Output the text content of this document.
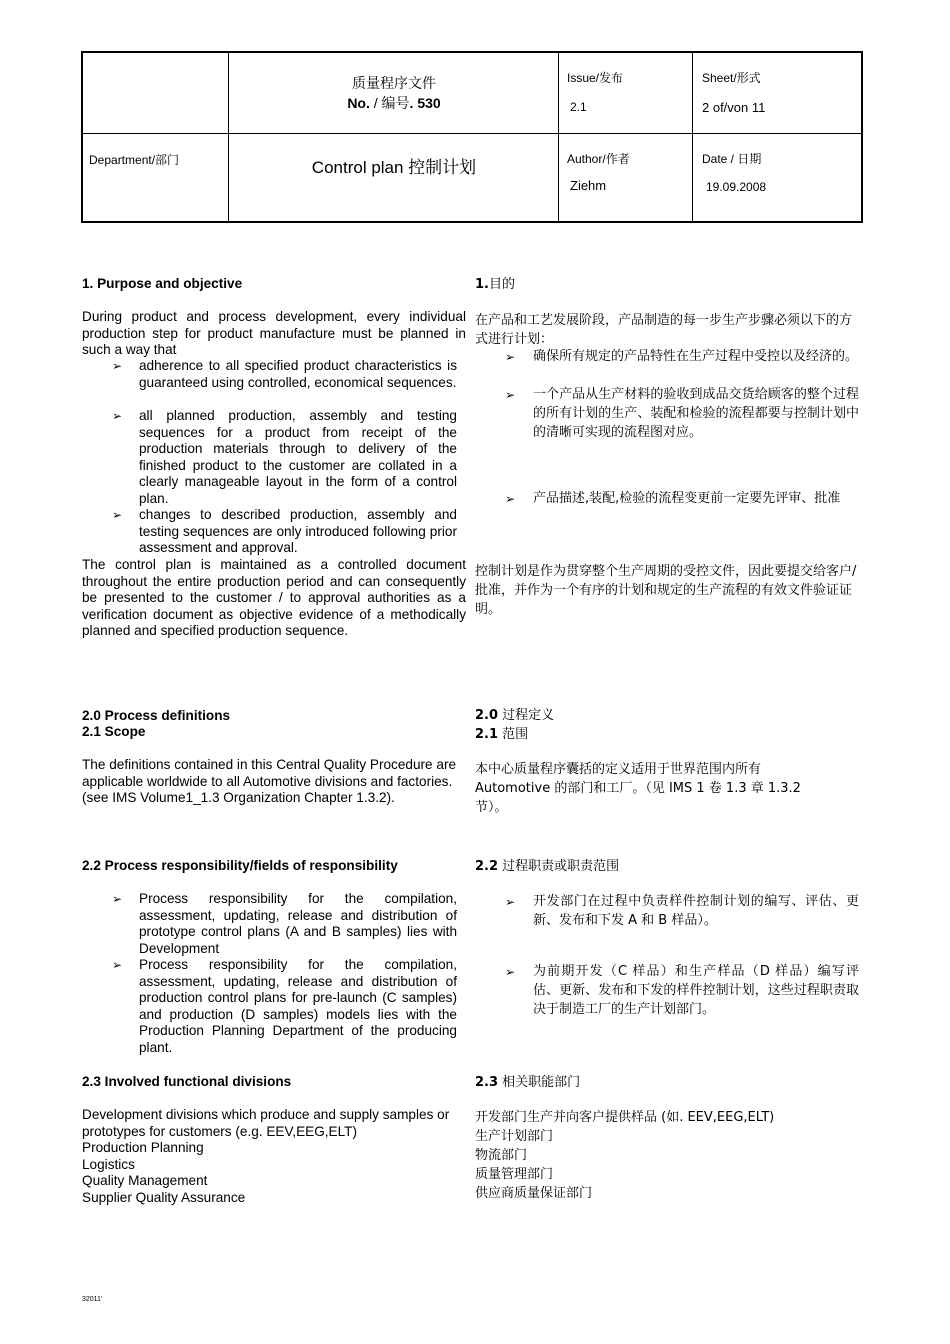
质量程序文件
No. / 编号. 530
Issue/发布
2.1
Sheet/形式
2 of/von 11
Department/部门	Control plan 控制计划	Author/作者
Ziehm
Date / 日期
19.09.2008
1. Purpose and objective
During product and process development, every individual production step for product manufacture must be planned in such a way that
➢ adherence to all specified product characteristics is guaranteed using controlled, economical sequences.
➢ all planned production, assembly and testing sequences for a product from receipt of the production materials through to delivery of the finished product to the customer are collated in a clearly manageable layout in the form of a control plan.
➢ changes to described production, assembly and testing sequences are only introduced following prior assessment and approval.
The control plan is maintained as a controlled document throughout the entire production period and can consequently be presented to the customer / to approval authorities as a verification document as objective evidence of a methodically planned and specified production sequence.
1.目的
在产品和工艺发展阶段，产品制造的每一步生产步骤必须以下的方式进行计划：
➢ 确保所有规定的产品特性在生产过程中受控以及经济的。
➢ 一个产品从生产材料的验收到成品交货给顾客的整个过程的所有计划的生产、装配和检验的流程都要与控制计划中的清晰可实现的流程图对应。
➢ 产品描述,装配,检验的流程变更前一定要先评审、批准
控制计划是作为贯穿整个生产周期的受控文件，因此要提交给客户/批准，并作为一个有序的计划和规定的生产流程的有效文件验证证明。
2.0 Process definitions
2.1 Scope
The definitions contained in this Central Quality Procedure are applicable worldwide to all Automotive divisions and factories. (see IMS Volume1_1.3 Organization Chapter 1.3.2).
2.0 过程定义
2.1 范围
本中心质量程序囊括的定义适用于世界范围内所有
Automotive 的部门和工厂。（见 IMS 1 卷 1.3 章 1.3.2
节）。
2.2 Process responsibility/fields of responsibility
➢ Process responsibility for the compilation, assessment, updating, release and distribution of prototype control plans (A and B samples) lies with Development
➢ Process responsibility for the compilation, assessment, updating, release and distribution of production control plans for pre-launch (C samples) and production (D samples) models lies with the Production Planning Department of the producing plant.
2.2 过程职责或职责范围
➢ 开发部门在过程中负责样件控制计划的编写、评估、更新、发布和下发 A 和 B 样品）。
➢ 为前期开发（C 样品）和生产样品（D 样品）编写评估、更新、发布和下发的样件控制计划，这些过程职责取决于制造工厂的生产计划部门。
2.3 Involved functional divisions
Development divisions which produce and supply samples or prototypes for customers (e.g. EEV,EEG,ELT)
Production Planning
Logistics
Quality Management
Supplier Quality Assurance
2.3 相关职能部门
开发部门生产并向客户提供样品 (如. EEV,EEG,ELT)
生产计划部门
物流部门
质量管理部门
供应商质量保证部门
32011'
